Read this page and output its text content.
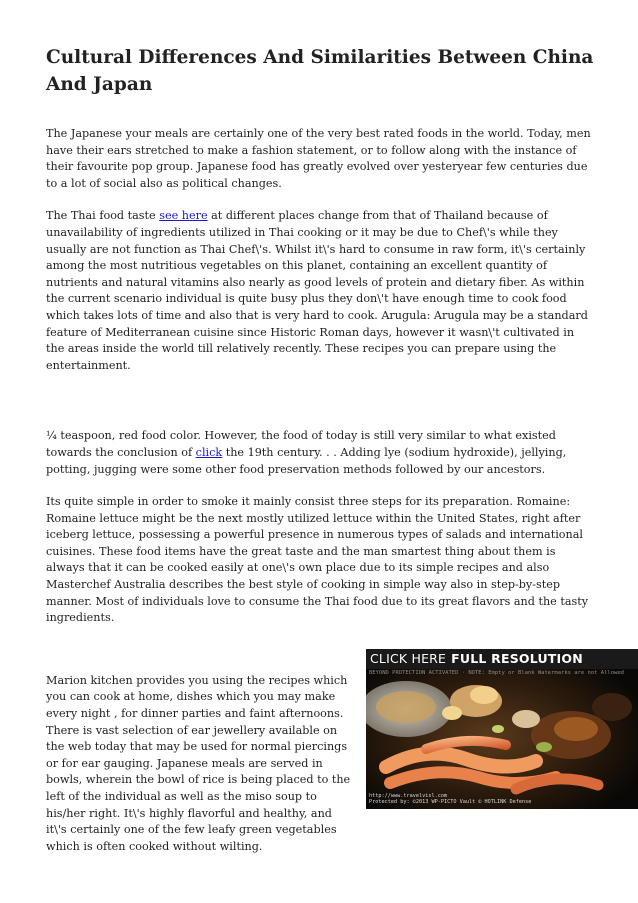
Cultural Differences And Similarities Between China And Japan

The Japanese your meals are certainly one of the very best rated foods in the world. Today, men have their ears stretched to make a fashion statement, or to follow along with the instance of their favourite pop group. Japanese food has greatly evolved over yesteryear few centuries due to a lot of social also as political changes.

The Thai food taste see here at different places change from that of Thailand because of unavailability of ingredients utilized in Thai cooking or it may be due to Chef\'s while they usually are not function as Thai Chef\'s. Whilst it\'s hard to consume in raw form, it\'s certainly among the most nutritious vegetables on this planet, containing an excellent quantity of nutrients and natural vitamins also nearly as good levels of protein and dietary fiber. As within the current scenario individual is quite busy plus they don\'t have enough time to cook food which takes lots of time and also that is very hard to cook. Arugula: Arugula may be a standard feature of Mediterranean cuisine since Historic Roman days, however it wasn\'t cultivated in the areas inside the world till relatively recently. These recipes you can prepare using the entertainment.

¼ teaspoon, red food color. However, the food of today is still very similar to what existed towards the conclusion of click the 19th century. . . Adding lye (sodium hydroxide), jellying, potting, jugging were some other food preservation methods followed by our ancestors.

Its quite simple in order to smoke it mainly consist three steps for its preparation. Romaine: Romaine lettuce might be the next mostly utilized lettuce within the United States, right after iceberg lettuce, possessing a powerful presence in numerous types of salads and international cuisines. These food items have the great taste and the man smartest thing about them is always that it can be cooked easily at one\'s own place due to its simple recipes and also Masterchef Australia describes the best style of cooking in simple way also in step-by-step manner. Most of individuals love to consume the Thai food due to its great flavors and the tasty ingredients.

Marion kitchen provides you using the recipes which you can cook at home, dishes which you may make every night , for dinner parties and faint afternoons. There is vast selection of ear jewellery available on the web today that may be used for normal piercings or for ear gauging. Japanese meals are served in bowls, wherein the bowl of rice is being placed to the left of the individual as well as the miso soup to his/her right. It\'s highly flavorful and healthy, and it\'s certainly one of the few leafy green vegetables which is often cooked without wilting.

CLICK HERE FULL RESOLUTION
BEYOND PROTECTION ACTIVATED · NOTE: Empty or Blank Watermarks are not Allowed
http://www.travelvisl.com
Protected by: ©2013 WP-PICTO Vault © HOTLINK Defense
